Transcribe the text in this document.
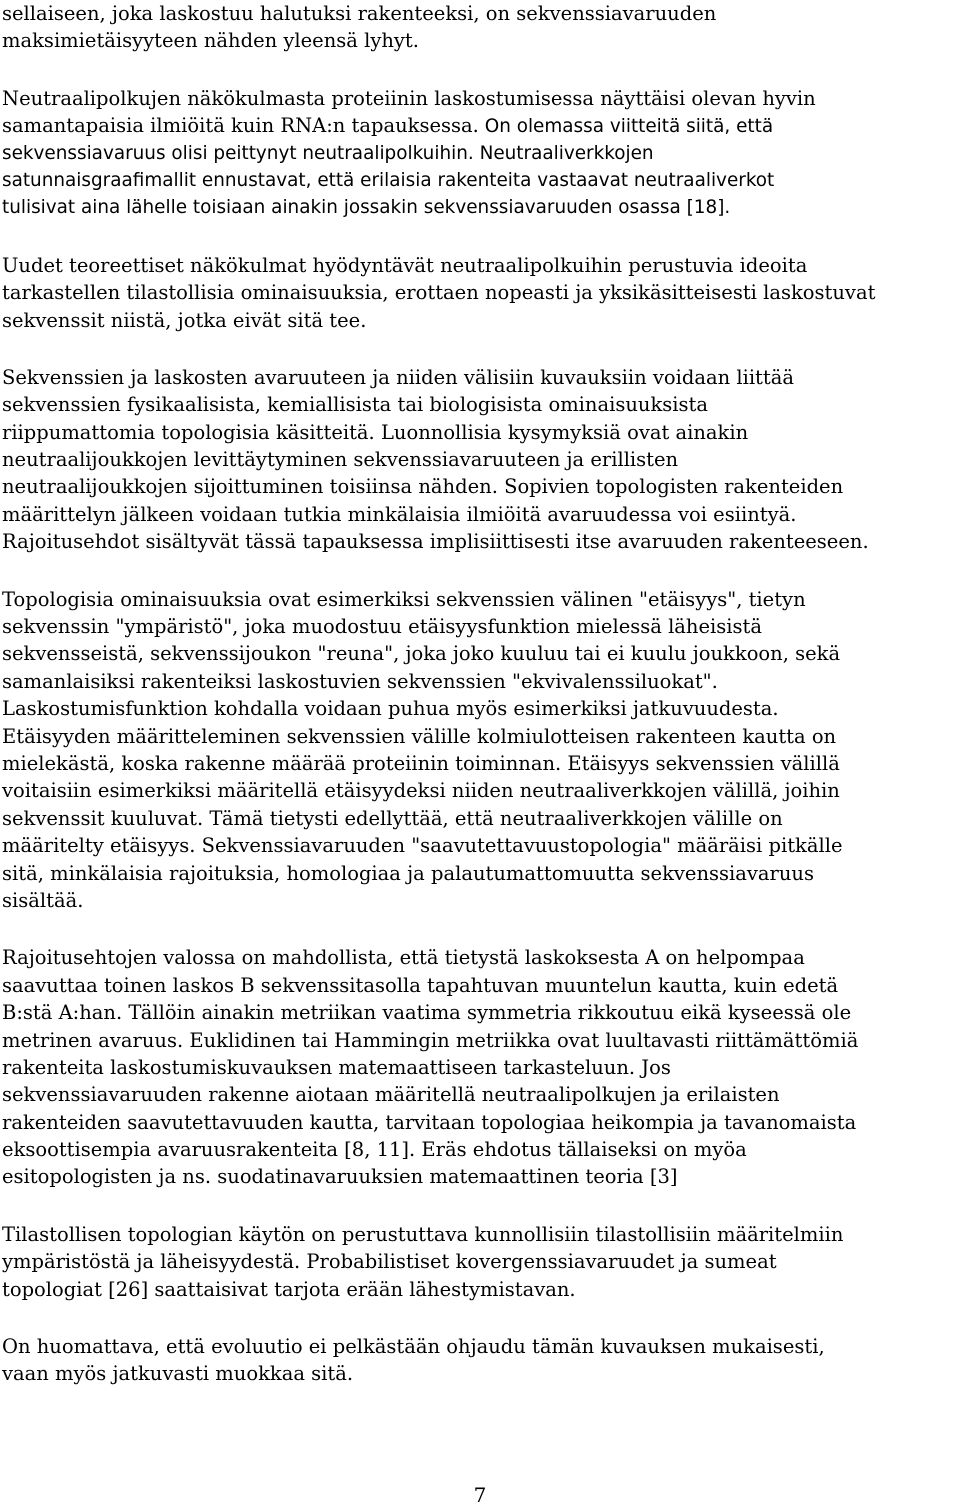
sellaiseen, joka laskostuu halutuksi rakenteeksi, on sekvenssiavaruuden
maksimietäisyyteen nähden yleensä lyhyt.

Neutraalipolkujen näkökulmasta proteiinin laskostumisessa näyttäisi olevan hyvin
samantapaisia ilmiöitä kuin RNA:n tapauksessa. On olemassa viitteitä siitä, että
sekvenssiavaruus olisi peittynyt neutraalipolkuihin. Neutraaliverkkojen
satunnaisgraafimallit ennustavat, että erilaisia rakenteita vastaavat neutraaliverkot
tulisivat aina lähelle toisiaan ainakin jossakin sekvenssiavaruuden osassa [18].

Uudet teoreettiset näkökulmat hyödyntävät neutraalipolkuihin perustuvia ideoita
tarkastellen tilastollisia ominaisuuksia, erottaen nopeasti ja yksikäsitteisesti laskostuvat
sekvenssit niistä, jotka eivät sitä tee.

Sekvenssien ja laskosten avaruuteen ja niiden välisiin kuvauksiin voidaan liittää
sekvenssien fysikaalisista, kemiallisista tai biologisista ominaisuuksista
riippumattomia topologisia käsitteitä. Luonnollisia kysymyksiä ovat ainakin
neutraalijoukkojen levittäytyminen sekvenssiavaruuteen ja erillisten
neutraalijoukkojen sijoittuminen toisiinsa nähden. Sopivien topologisten rakenteiden
määrittelyn jälkeen voidaan tutkia minkälaisia ilmiöitä avaruudessa voi esiintyä.
Rajoitusehdot sisältyvät tässä tapauksessa implisiittisesti itse avaruuden rakenteeseen.

Topologisia ominaisuuksia ovat esimerkiksi sekvenssien välinen "etäisyys", tietyn
sekvenssin "ympäristö", joka muodostuu etäisyysfunktion mielessä läheisistä
sekvensseistä, sekvenssijoukon "reuna", joka joko kuuluu tai ei kuulu joukkoon, sekä
samanlaisiksi rakenteiksi laskostuvien sekvenssien "ekvivalenssiluokat".
Laskostumisfunktion kohdalla voidaan puhua myös esimerkiksi jatkuvuudesta.
Etäisyyden määritteleminen sekvenssien välille kolmiulotteisen rakenteen kautta on
mielekästä, koska rakenne määrää proteiinin toiminnan. Etäisyys sekvenssien välillä
voitaisiin esimerkiksi määritellä etäisyydeksi niiden neutraaliverkkojen välillä, joihin
sekvenssit kuuluvat. Tämä tietysti edellyttää, että neutraaliverkkojen välille on
määritelty etäisyys. Sekvenssiavaruuden "saavutettavuustopologia" määräisi pitkälle
sitä, minkälaisia rajoituksia, homologiaa ja palautumattomuutta sekvenssiavaruus
sisältää.

Rajoitusehtojen valossa on mahdollista, että tietystä laskoksesta A on helpompaa
saavuttaa toinen laskos B sekvenssitasolla tapahtuvan muuntelun kautta, kuin edetä
B:stä A:han. Tällöin ainakin metriikan vaatima symmetria rikkoutuu eikä kyseessä ole
metrinen avaruus. Euklidinen tai Hammingin metriikka ovat luultavasti riittämättömiä
rakenteita laskostumiskuvauksen matemaattiseen tarkasteluun. Jos
sekvenssiavaruuden rakenne aiotaan määritellä neutraalipolkujen ja erilaisten
rakenteiden saavutettavuuden kautta, tarvitaan topologiaa heikompia ja tavanomaista
eksoottisempia avaruusrakenteita [8, 11]. Eräs ehdotus tällaiseksi on myöa
esitopologisten ja ns. suodatinavaruuksien matemaattinen teoria [3]

Tilastollisen topologian käytön on perustuttava kunnollisiin tilastollisiin määritelmiin
ympäristöstä ja läheisyydestä. Probabilistiset kovergenssiavaruudet ja sumeat
topologiat [26] saattaisivat tarjota erään lähestymistavan.

On huomattava, että evoluutio ei pelkästään ohjaudu tämän kuvauksen mukaisesti,
vaan myös jatkuvasti muokkaa sitä.

7
